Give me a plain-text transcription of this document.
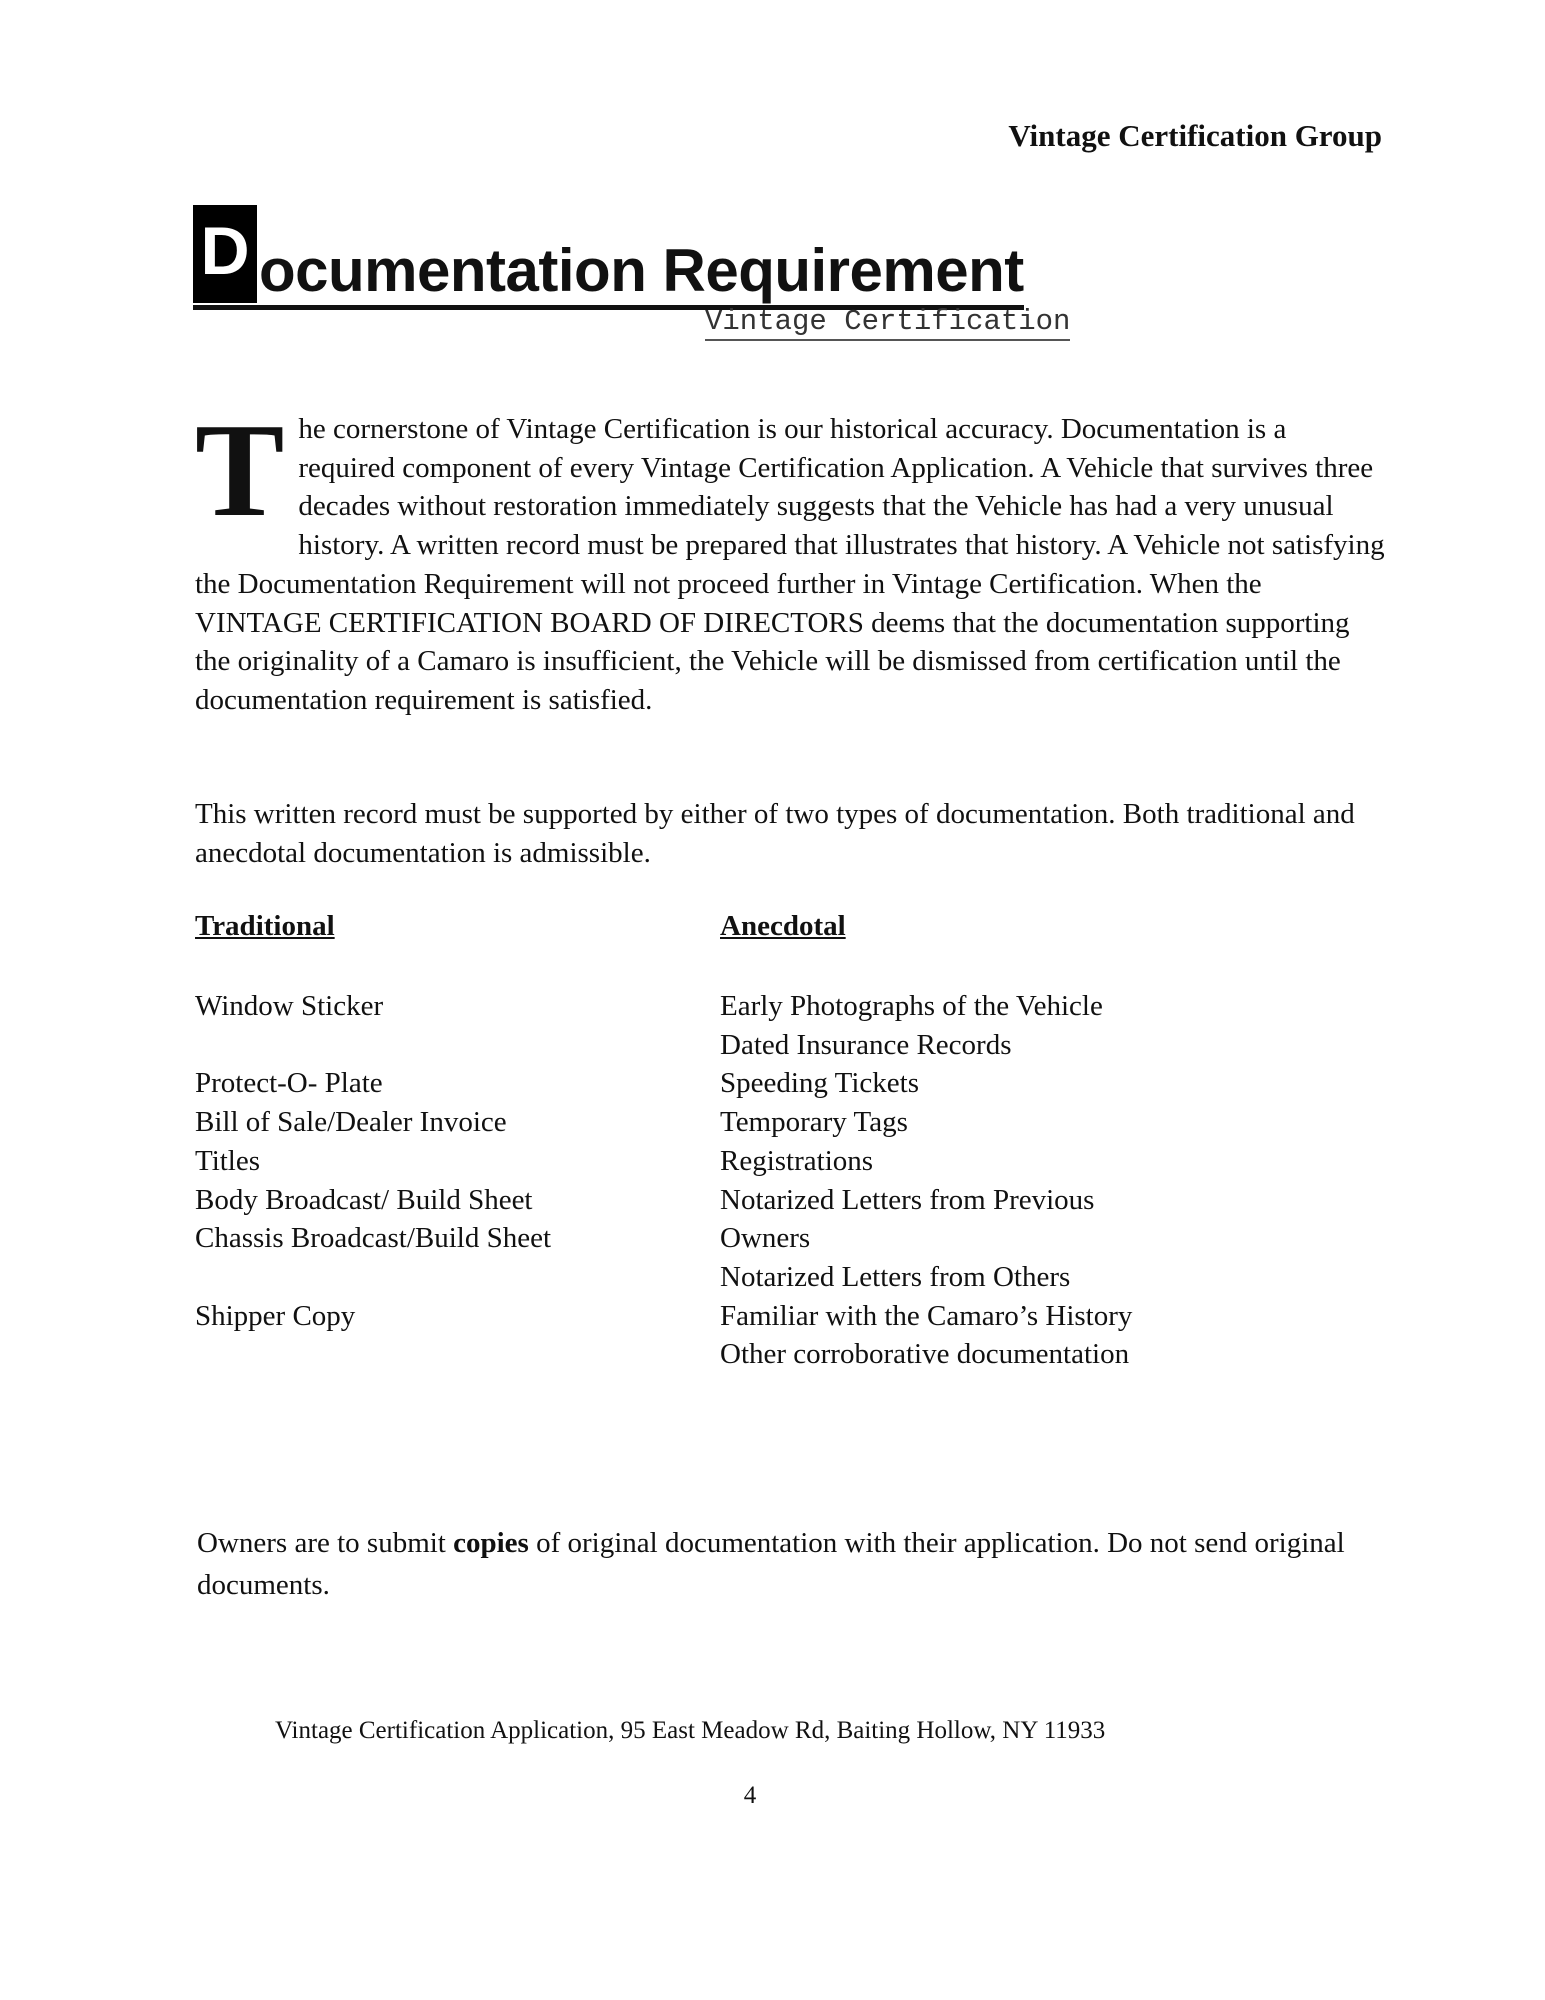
Vintage Certification Group
D ocumentation Requirement
Vintage Certification
T he cornerstone of Vintage Certification is our historical accuracy. Documentation is a required component of every Vintage Certification Application. A Vehicle that survives three decades without restoration immediately suggests that the Vehicle has had a very unusual history. A written record must be prepared that illustrates that history. A Vehicle not satisfying the Documentation Requirement will not proceed further in Vintage Certification. When the VINTAGE CERTIFICATION BOARD OF DIRECTORS deems that the documentation supporting the originality of a Camaro is insufficient, the Vehicle will be dismissed from certification until the documentation requirement is satisfied.
This written record must be supported by either of two types of documentation. Both traditional and anecdotal documentation is admissible.
Traditional	Anecdotal
Window Sticker
Protect-O- Plate
Bill of Sale/Dealer Invoice
Titles
Body Broadcast/ Build Sheet
Chassis Broadcast/Build Sheet
Shipper Copy
Early Photographs of the Vehicle
Dated Insurance Records
Speeding Tickets
Temporary Tags
Registrations
Notarized Letters from Previous Owners
Notarized Letters from Others Familiar with the Camaro’s History
Other corroborative documentation
Owners are to submit copies of original documentation with their application. Do not send original documents.
Vintage Certification Application, 95 East Meadow Rd, Baiting Hollow, NY 11933
4
